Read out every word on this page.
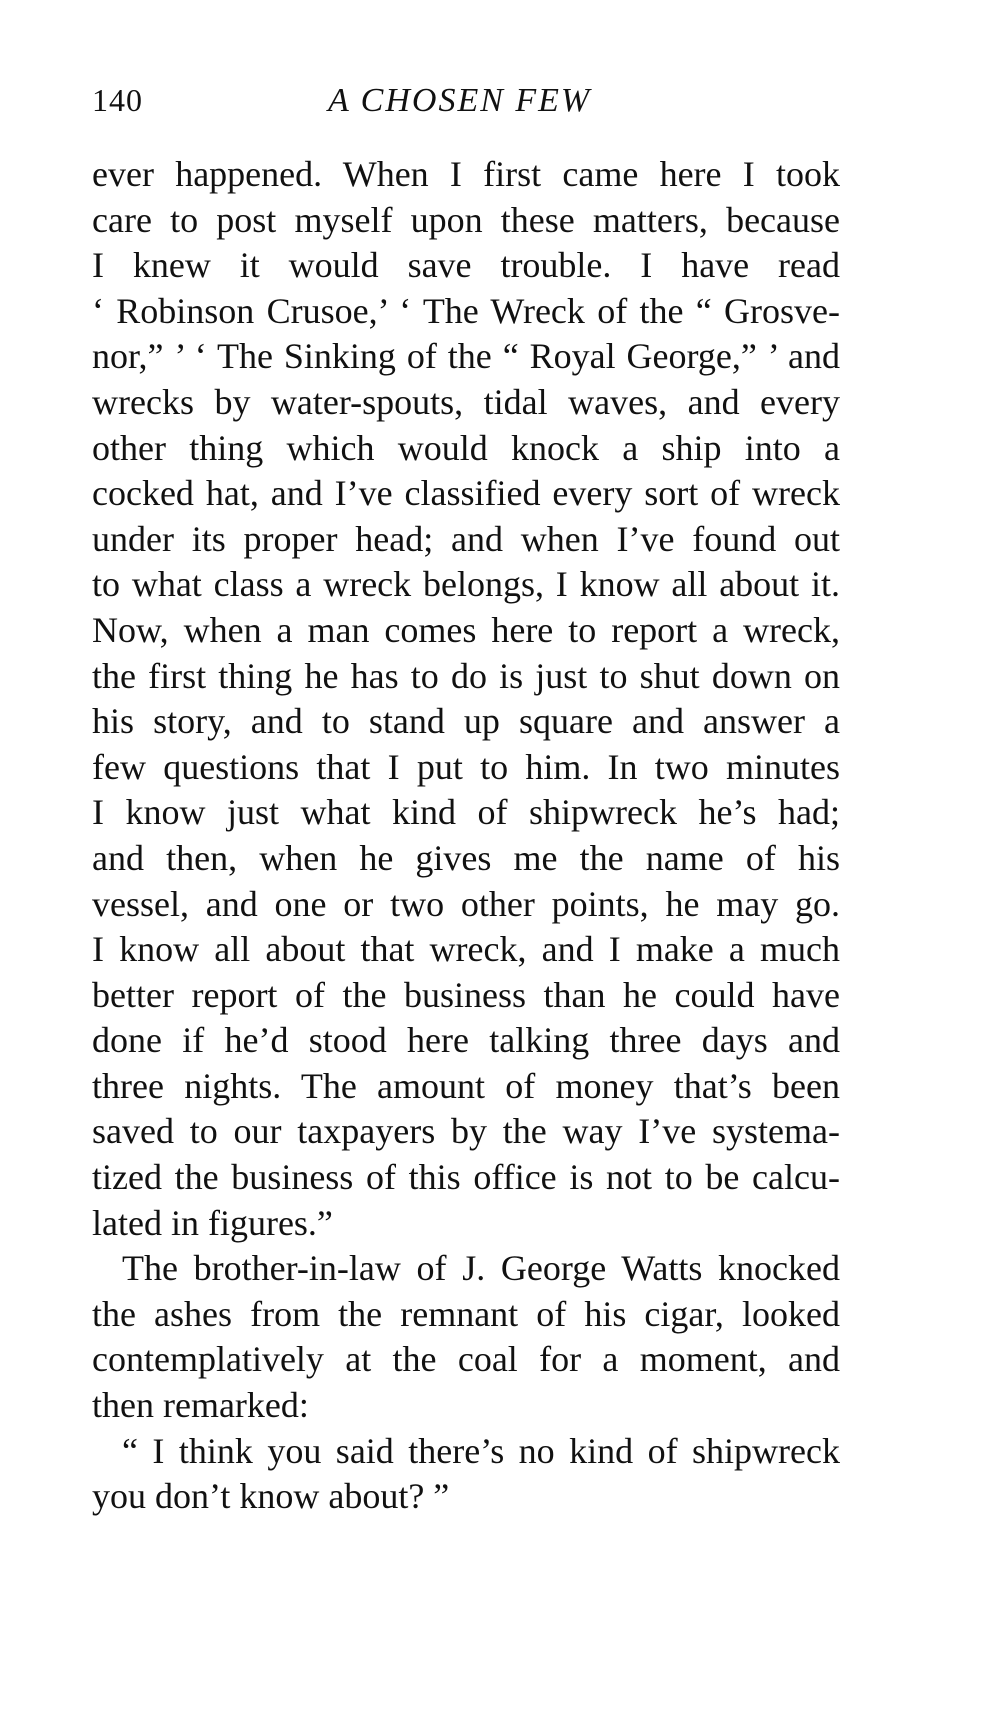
140	A CHOSEN FEW
ever happened. When I first came here I took
care to post myself upon these matters, because
I knew it would save trouble. I have read
‘ Robinson Crusoe,’ ‘ The Wreck of the “ Grosve-
nor,” ’ ‘ The Sinking of the “ Royal George,” ’ and
wrecks by water-spouts, tidal waves, and every
other thing which would knock a ship into a
cocked hat, and I’ve classified every sort of wreck
under its proper head; and when I’ve found out
to what class a wreck belongs, I know all about it.
Now, when a man comes here to report a wreck,
the first thing he has to do is just to shut down on
his story, and to stand up square and answer a
few questions that I put to him. In two minutes
I know just what kind of shipwreck he’s had;
and then, when he gives me the name of his
vessel, and one or two other points, he may go.
I know all about that wreck, and I make a much
better report of the business than he could have
done if he’d stood here talking three days and
three nights. The amount of money that’s been
saved to our taxpayers by the way I’ve systema-
tized the business of this office is not to be calcu-
lated in figures.”
The brother-in-law of J. George Watts knocked
the ashes from the remnant of his cigar, looked
contemplatively at the coal for a moment, and
then remarked:
“ I think you said there’s no kind of shipwreck
you don’t know about? ”
